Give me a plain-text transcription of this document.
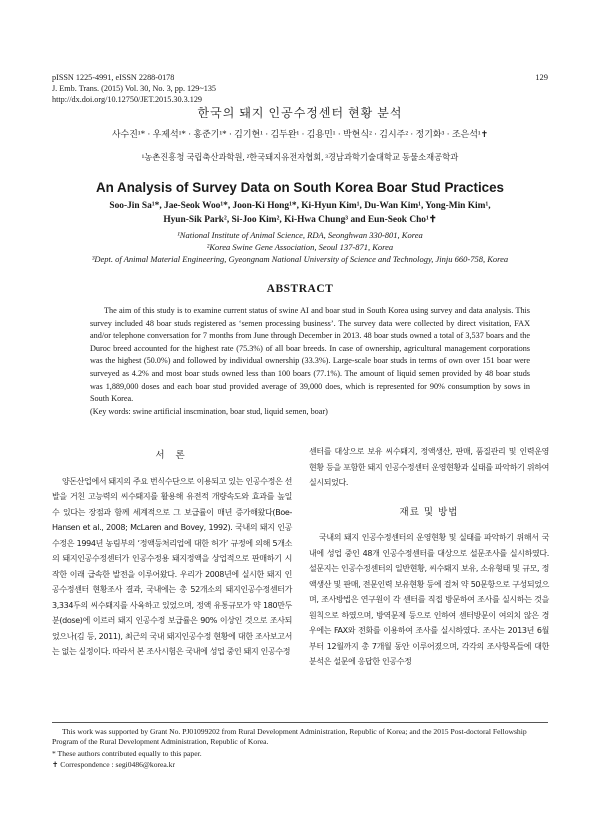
pISSN 1225-4991, eISSN 2288-0178
J. Emb. Trans. (2015) Vol. 30, No. 3, pp. 129~135
http://dx.doi.org/10.12750/JET.2015.30.3.129
129
한국의 돼지 인공수정센터 현황 분석
사수진¹* · 우제석¹* · 홍준기¹* · 김기현¹ · 김두완¹ · 김용민¹ · 박현식² · 김시주² · 정기화³ · 조은석¹✝
¹농촌진흥청 국립축산과학원, ²한국돼지유전자협회, ³경남과학기술대학교 동물소재공학과
An Analysis of Survey Data on South Korea Boar Stud Practices
Soo-Jin Sa¹*, Jae-Seok Woo¹*, Joon-Ki Hong¹*, Ki-Hyun Kim¹, Du-Wan Kim¹, Yong-Min Kim¹,
Hyun-Sik Park², Si-Joo Kim², Ki-Hwa Chung³ and Eun-Seok Cho¹✝
¹National Institute of Animal Science, RDA, Seonghwan 330-801, Korea
²Korea Swine Gene Association, Seoul 137-871, Korea
³Dept. of Animal Material Engineering, Gyeongnam National University of Science and Technology, Jinju 660-758, Korea
ABSTRACT
The aim of this study is to examine current status of swine AI and boar stud in South Korea using survey and data analysis. This survey included 48 boar studs registered as ‘semen processing business’. The survey data were collected by direct visitation, FAX and/or telephone conversation for 7 months from June through December in 2013. 48 boar studs owned a total of 3,537 boars and the Duroc breed accounted for the highest rate (75.3%) of all boar breeds. In case of ownership, agricultural management corporations was the highest (50.0%) and followed by individual ownership (33.3%). Large-scale boar studs in terms of own over 151 boar were surveyed as 4.2% and most boar studs owned less than 100 boars (77.1%). The amount of liquid semen provided by 48 boar studs was 1,889,000 doses and each boar stud provided average of 39,000 does, which is represented for 90% consumption by sows in South Korea.
(Key words: swine artificial inscmination, boar stud, liquid semen, boar)
서 론

양돈산업에서 돼지의 주요 번식수단으로 이용되고 있는 인공수정은 선발을 거친 고능력의 씨수퇘지를 활용해 유전적 개량속도와 효과를 높일 수 있다는 장점과 함께 세계적으로 그 보급률이 매년 증가해왔다(Boe-Hansen et al., 2008; McLaren and Bovey, 1992). 국내의 돼지 인공수정은 1994년 농림부의 ‘정액등처리업에 대한 허가’ 규정에 의해 5개소의 돼지인공수정센터가 인공수정용 돼지정액을 상업적으로 판매하기 시작한 이래 급속한 발전을 이루어왔다. 우리가 2008년에 실시한 돼지 인공수정센터 현황조사 결과, 국내에는 총 52개소의 돼지인공수정센터가 3,334두의 씨수퇘지를 사육하고 있었으며, 정액 유통규모가 약 180만두 분(dose)에 이르러 돼지 인공수정 보급률은 90% 이상인 것으로 조사되었으나(김 등, 2011), 최근의 국내 돼지인공수정 현황에 대한 조사보고서는 없는 실정이다. 따라서 본 조사시험은 국내에 성업 중인 돼지 인공수정

센터를 대상으로 보유 씨수퇘지, 정액생산, 판매, 품질관리 및 인력운영 현황 등을 포함한 돼지 인공수정센터 운영현황과 실태를 파악하기 위하여 실시되었다.

재료 및 방법

국내의 돼지 인공수정센터의 운영현황 및 실태를 파악하기 위해서 국내에 성업 중인 48개 인공수정센터를 대상으로 설문조사를 실시하였다. 설문지는 인공수정센터의 일반현황, 씨수퇘지 보유, 소유형태 및 규모, 정액생산 및 판매, 전문인력 보유현황 등에 걸쳐 약 50문항으로 구성되었으며, 조사방법은 연구원이 각 센터를 직접 방문하여 조사를 실시하는 것을 원칙으로 하였으며, 방역문제 등으로 인하여 센터방문이 여의치 않은 경우에는 FAX와 전화를 이용하여 조사를 실시하였다. 조사는 2013년 6월부터 12월까지 총 7개월 동안 이루어졌으며, 각각의 조사항목들에 대한 분석은 설문에 응답한 인공수정

This work was supported by Grant No. PJ01099202 from Rural Development Administration, Republic of Korea; and the 2015 Post-doctoral Fellowship Program of the Rural Development Administration, Republic of Korea.
* These authors contributed equally to this paper.
✝ Correspondence : segi0486@korea.kr
